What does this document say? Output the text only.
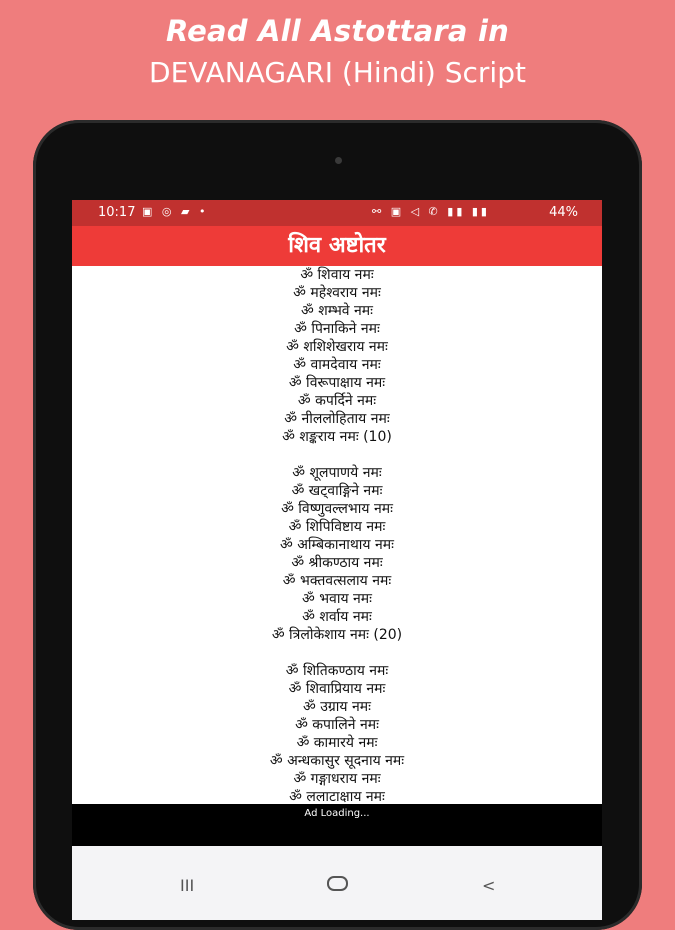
Read All Astottara in
DEVANAGARI (Hindi) Script
10:17 ▣ ◎ ▰ •	⚯ ▣ ◁ ✆ ▮▮ ▮▮	44%
शिव अष्टोतर
ॐ शिवाय नमः
ॐ महेश्वराय नमः
ॐ शम्भवे नमः
ॐ पिनाकिने नमः
ॐ शशिशेखराय नमः
ॐ वामदेवाय नमः
ॐ विरूपाक्षाय नमः
ॐ कपर्दिने नमः
ॐ नीललोहिताय नमः
ॐ शङ्कराय नमः (10)
ॐ शूलपाणये नमः
ॐ खट्वाङ्गिने नमः
ॐ विष्णुवल्लभाय नमः
ॐ शिपिविष्टाय नमः
ॐ अम्बिकानाथाय नमः
ॐ श्रीकण्ठाय नमः
ॐ भक्तवत्सलाय नमः
ॐ भवाय नमः
ॐ शर्वाय नमः
ॐ त्रिलोकेशाय नमः (20)
ॐ शितिकण्ठाय नमः
ॐ शिवाप्रियाय नमः
ॐ उग्राय नमः
ॐ कपालिने नमः
ॐ कामारये नमः
ॐ अन्धकासुर सूदनाय नमः
ॐ गङ्गाधराय नमः
ॐ ललाटाक्षाय नमः
Ad Loading...
III	<
